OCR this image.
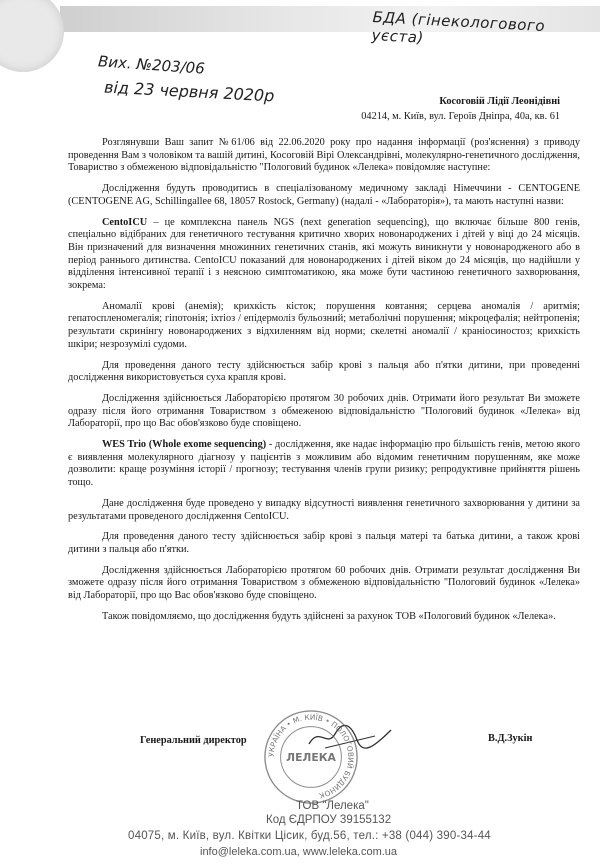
БДА (гінекологового уєста)
Вих. №203/06
від 23 червня 2020р	Косоговій Лідії Леонідівні
04214, м. Київ, вул. Героїв Дніпра, 40а, кв. 61

Розглянувши Ваш запит №61/06 від 22.06.2020 року про надання інформації (роз'яснення) з приводу проведення Вам з чоловіком та вашій дитині, Косоговій Вірі Олександрівні, молекулярно-генетичного дослідження, Товариство з обмеженою відповідальністю "Пологовий будинок «Лелека» повідомляє наступне:

Дослідження будуть проводитись в спеціалізованому медичному закладі Німеччини - CENTOGENE (CENTOGENE AG, Schillingallee 68, 18057 Rostock, Germany) (надалі - «Лабораторія»), та мають наступні назви:

CentoICU – це комплексна панель NGS (next generation sequencing), що включає більше 800 генів, спеціально відібраних для генетичного тестування критично хворих новонароджених і дітей у віці до 24 місяців. Він призначений для визначення множинних генетичних станів, які можуть виникнути у новонародженого або в період раннього дитинства. CentoICU показаний для новонароджених і дітей віком до 24 місяців, що надійшли у відділення інтенсивної терапії і з неясною симптоматикою, яка може бути частиною генетичного захворювання, зокрема:

Аномалії крові (анемія); крихкість кісток; порушення ковтання; серцева аномалія / аритмія; гепатоспленомегалія; гіпотонія; іхтіоз / епідермоліз бульозний; метаболічні порушення; мікроцефалія; нейтропенія; результати скринінгу новонароджених з відхиленням від норми; скелетні аномалії / краніосиностоз; крихкість шкіри; незрозумілі судоми.

Для проведення даного тесту здійснюється забір крові з пальця або п'ятки дитини, при проведенні дослідження використовується суха крапля крові.

Дослідження здійснюється Лабораторією протягом 30 робочих днів. Отримати його результат Ви зможете одразу після його отримання Товариством з обмеженою відповідальністю "Пологовий будинок «Лелека» від Лабораторії, про що Вас обов'язково буде сповіщено.

WES Trio (Whole exome sequencing) - дослідження, яке надає інформацію про більшість генів, метою якого є виявлення молекулярного діагнозу у пацієнтів з можливим або відомим генетичним порушенням, яке може дозволити: краще розуміння історії / прогнозу; тестування членів групи ризику; репродуктивне прийняття рішень тощо.

Дане дослідження буде проведено у випадку відсутності виявлення генетичного захворювання у дитини за результатами проведеного дослідження CentoICU.

Для проведення даного тесту здійснюється забір крові з пальця матері та батька дитини, а також крові дитини з пальця або п'ятки.

Дослідження здійснюється Лабораторією протягом 60 робочих днів. Отримати результат дослідження Ви зможете одразу після його отримання Товариством з обмеженою відповідальністю "Пологовий будинок «Лелека» від Лабораторії, про що Вас обов'язково буде сповіщено.

Також повідомляємо, що дослідження будуть здійснені за рахунок ТОВ «Пологовий будинок «Лелека».

УКРАЇНА • М. КИЇВ • ПОЛОГОВИЙ БУДИНОК
ЛЕЛЕКА
Генеральний директор	В.Д.Зукін
ТОВ "Лелека"
Код ЄДРПОУ 39155132
04075, м. Київ, вул. Квітки Цісик, буд.56, тел.: +38 (044) 390-34-44
info@leleka.com.ua, www.leleka.com.ua
